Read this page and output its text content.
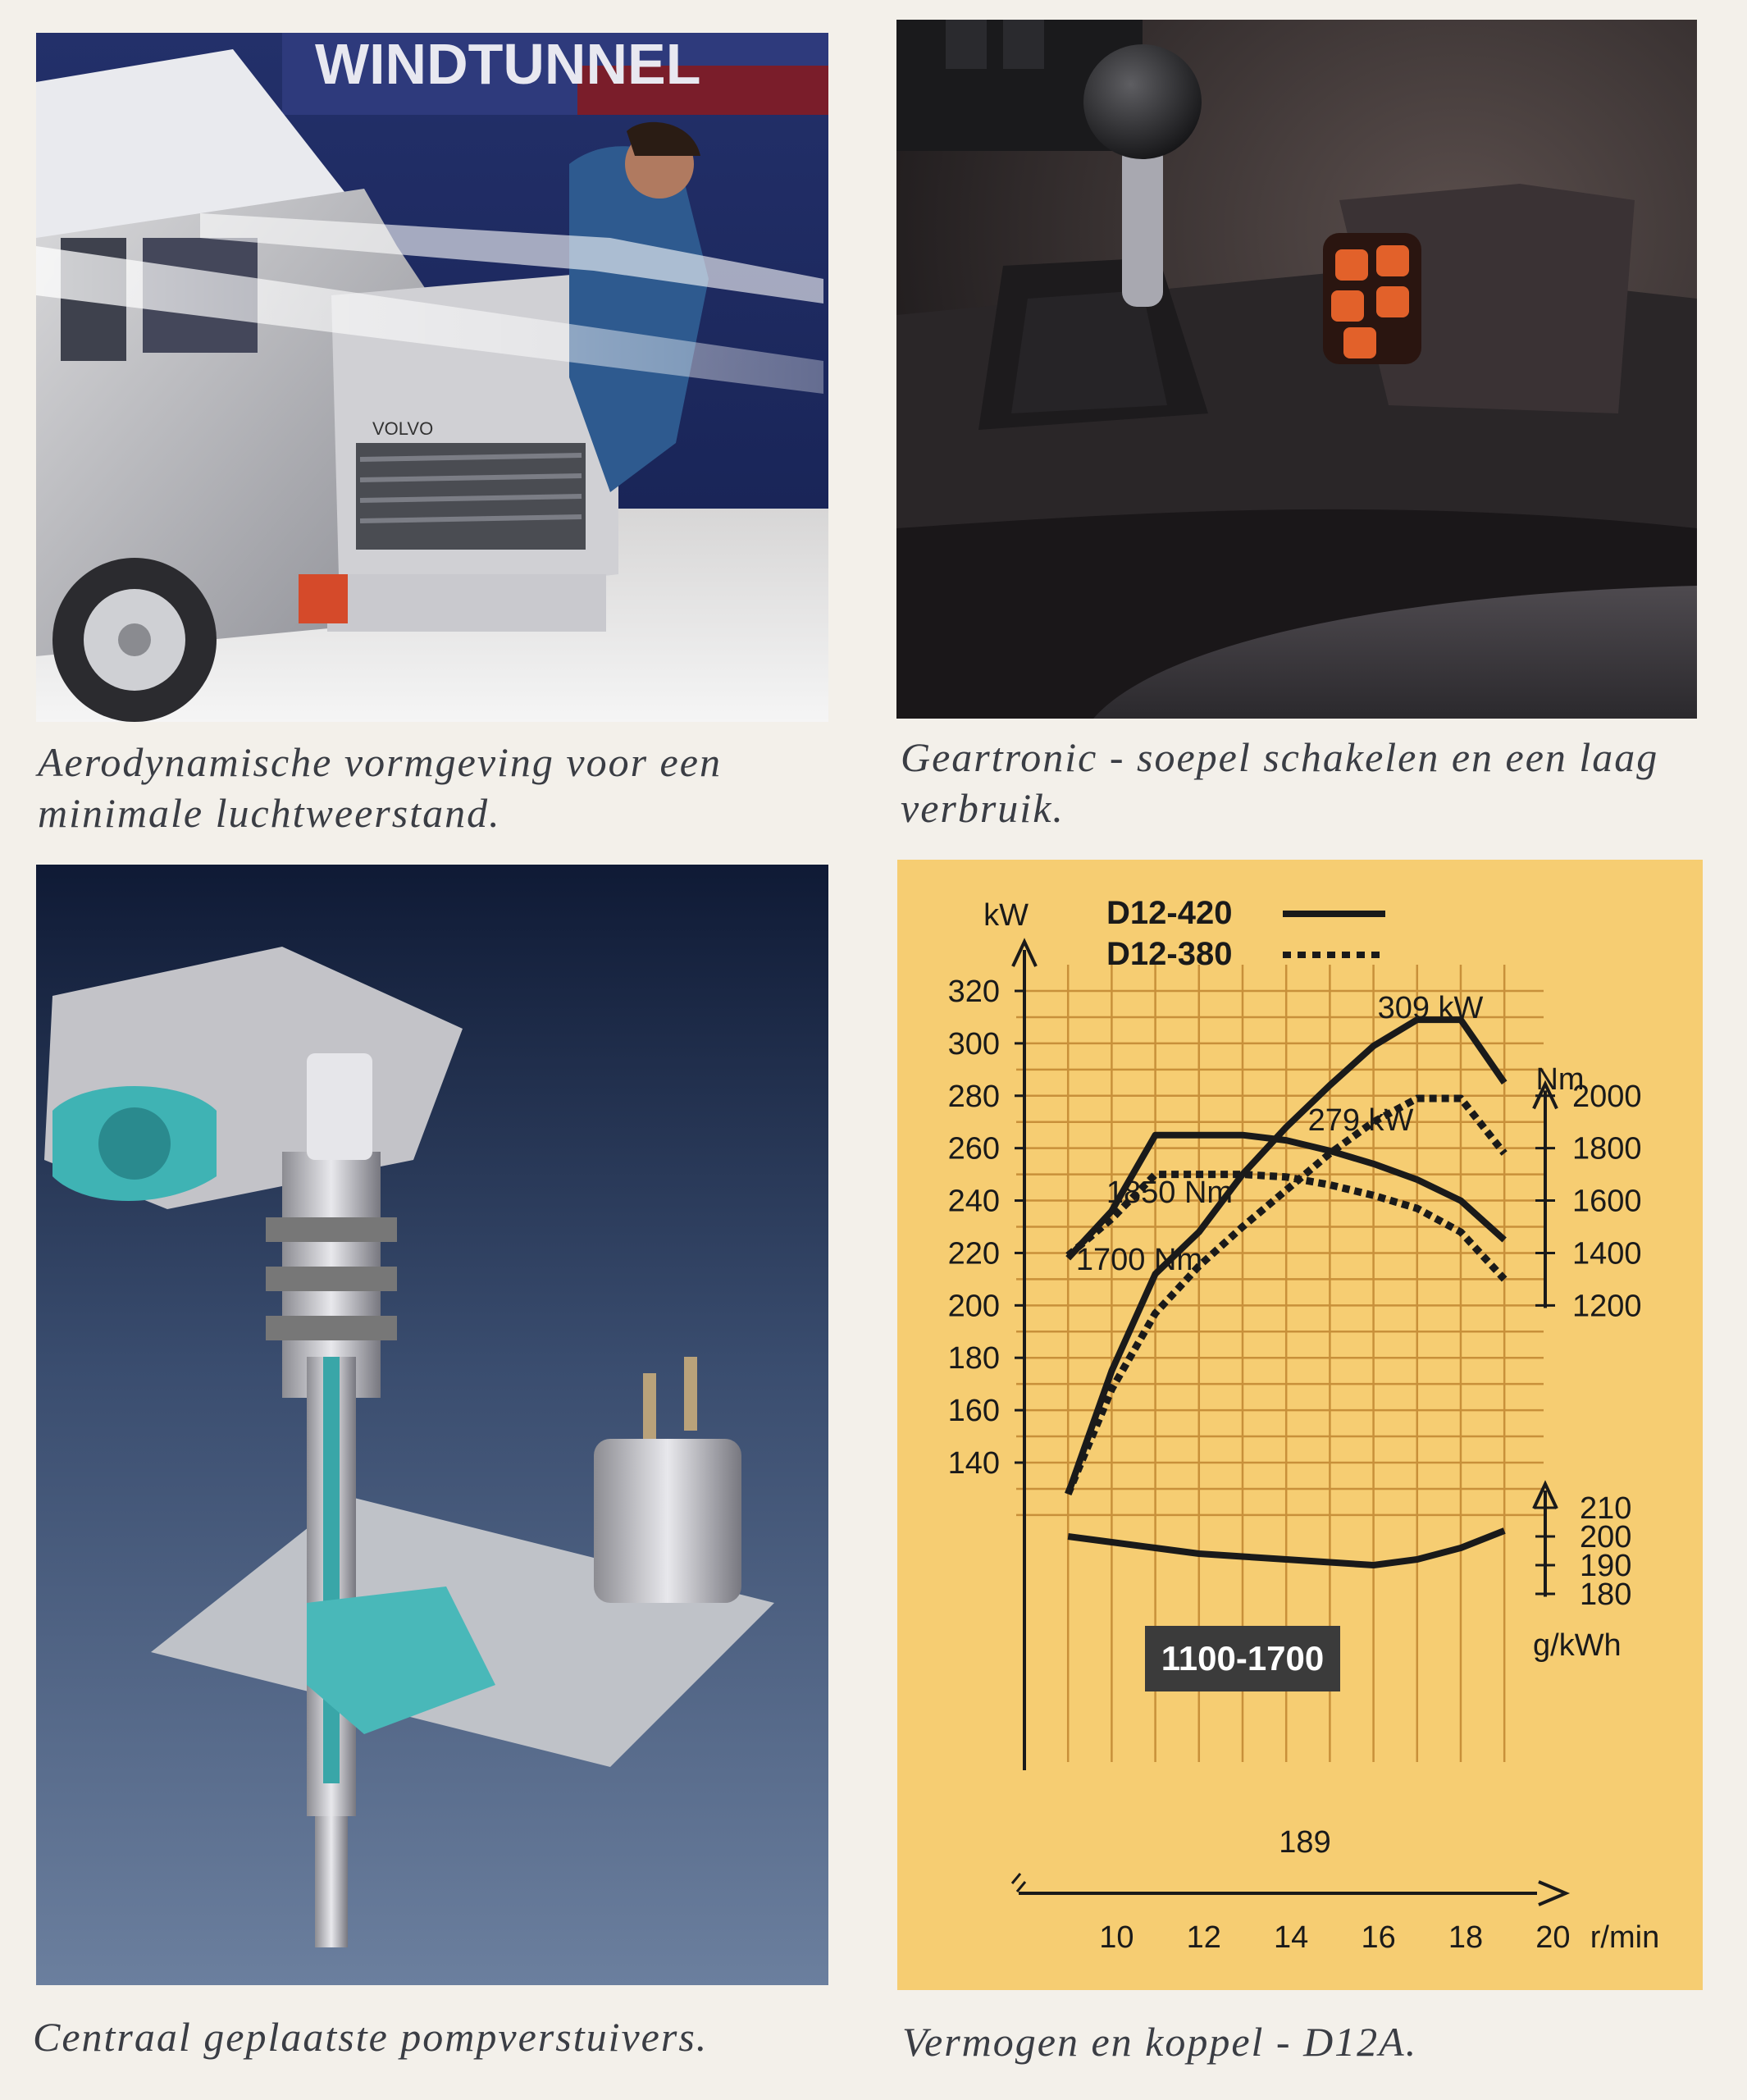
WINDTUNNEL
VOLVO
Aerodynamische vormgeving voor een
minimale luchtweerstand.
Geartronic - soepel schakelen en een laag
verbruik.
Centraal geplaatste pompverstuivers.
320
300
280
260
240
220
200
180
160
140
2000
1800
1600
1400
1200
210
200
190
180
10 12 14 16 18 20 r/min
kW
Nm
g/kWh
309 kW
279 kW
1850 Nm
1700 Nm
189
1100-1700
D12-420
D12-380
Vermogen en koppel - D12A.
